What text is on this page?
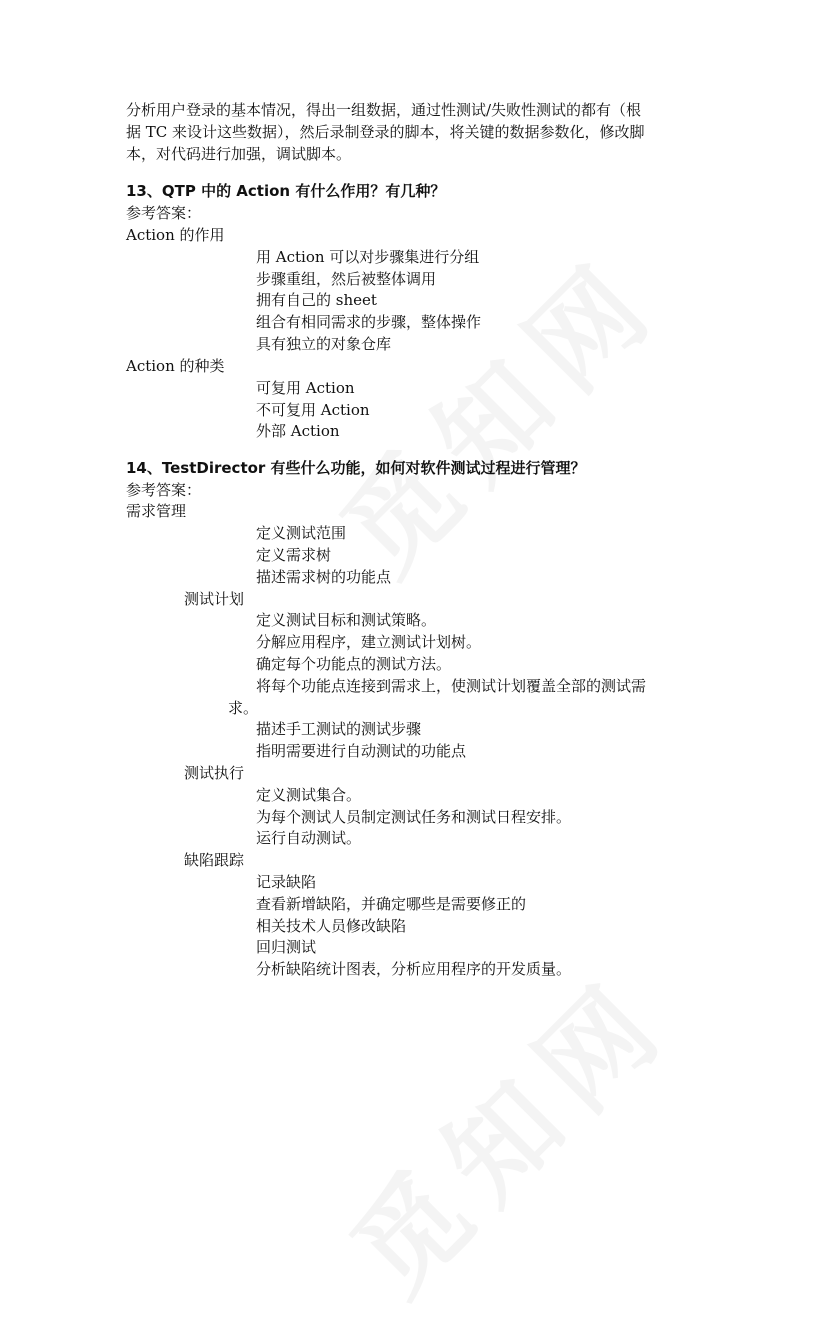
分析用户登录的基本情况，得出一组数据，通过性测试/失败性测试的都有（根
据 TC 来设计这些数据），然后录制登录的脚本，将关键的数据参数化，修改脚
本，对代码进行加强，调试脚本。
13、QTP 中的 Action 有什么作用？有几种？
参考答案：
Action 的作用
用 Action 可以对步骤集进行分组
步骤重组，然后被整体调用
拥有自己的 sheet
组合有相同需求的步骤，整体操作
具有独立的对象仓库
Action 的种类
可复用 Action
不可复用 Action
外部 Action
14、TestDirector 有些什么功能，如何对软件测试过程进行管理？
参考答案：
需求管理
定义测试范围
定义需求树
描述需求树的功能点
测试计划
定义测试目标和测试策略。
分解应用程序，建立测试计划树。
确定每个功能点的测试方法。
将每个功能点连接到需求上，使测试计划覆盖全部的测试需
求。
描述手工测试的测试步骤
指明需要进行自动测试的功能点
测试执行
定义测试集合。
为每个测试人员制定测试任务和测试日程安排。
运行自动测试。
缺陷跟踪
记录缺陷
查看新增缺陷，并确定哪些是需要修正的
相关技术人员修改缺陷
回归测试
分析缺陷统计图表，分析应用程序的开发质量。
